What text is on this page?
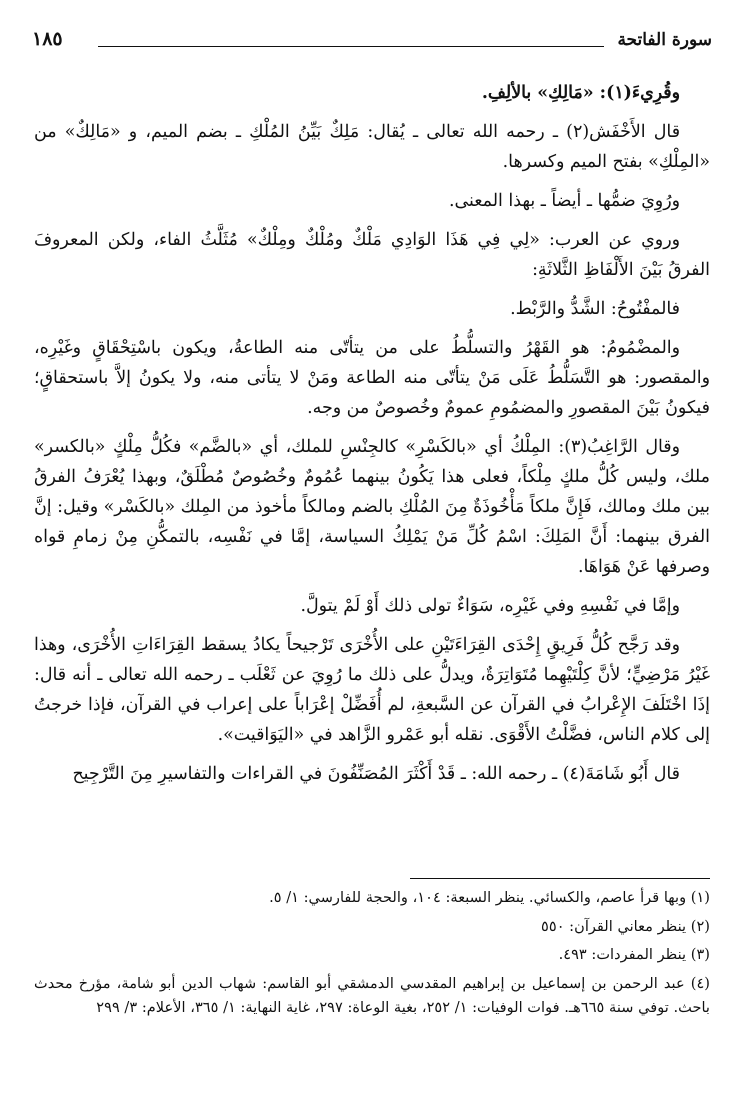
سورة الفاتحة
١٨٥

وقُرِيءَ(١): «مَالِكِ» بالألِفِ.

قال الأَخْفَش(٢) ـ رحمه الله تعالى ـ يُقال: مَلِكٌ بَيِّنُ المُلْكِ ـ بضم الميم، و «مَالِكٌ» من «المِلْكِ» بفتح الميم وكسرها.

ورُوِيَ ضمُّها ـ أيضاً ـ بهذا المعنى.

وروي عن العرب: «لِي فِي هَذَا الوَادِي مَلْكٌ ومُلْكٌ ومِلْكٌ» مُثَلَّثُ الفاء، ولكن المعروفَ الفرقُ بَيْنَ الأَلْفَاظِ الثَّلاثَةِ:

فالمفْتُوحُ: الشَّدُّ والرَّبْط.

والمضْمُومُ: هو القَهْرُ والتسلُّطُ على من يتأتّى منه الطاعةُ، ويكون باسْتِحْقَاقٍ وغَيْرِه، والمقصور: هو التَّسَلُّطُ عَلَى مَنْ يتأتّى منه الطاعة ومَنْ لا يتأتى منه، ولا يكونُ إلاَّ باستحقاقٍ؛ فيكونُ بَيْنَ المقصورِ والمضمُومِ عمومٌ وخُصوصٌ من وجه.

وقال الرَّاغِبُ(٣): المِلْكُ أي «بالكَسْرِ» كالجِنْسِ للملك، أي «بالضَّم» فكُلُّ مِلْكٍ «بالكسر» ملك، وليس كُلُّ ملكٍ مِلْكاً، فعلى هذا يَكُونُ بينهما عُمُومٌ وخُصُوصٌ مُطْلَقٌ، وبهذا يُعْرَفُ الفرقُ بين ملك ومالك، فَإِنَّ ملكاً مَأْخُوذَةٌ مِنَ المُلْكِ بالضم ومالكاً مأخوذ من المِلك «بالكَسْر» وقيل: إنَّ الفرق بينهما: أَنَّ المَلِكَ: اسْمُ كُلِّ مَنْ يَمْلِكُ السياسة، إمَّا في نَفْسِه، بالتمكُّنِ مِنْ زمامِ قواه وصرفها عَنْ هَوَاهَا.

وإمَّا في نَفْسِهِ وفي غَيْرِه، سَوَاءٌ تولى ذلك أَوْ لَمْ يتولَّ.

وقد رَجَّح كُلُّ فَرِيقٍ إِحْدَى القِرَاءَتَيْنِ على الأُخْرَى تَرْجيحاً يكادُ يسقط القِرَاءَاتِ الأُخْرَى، وهذا غَيْرُ مَرْضِيٍّ؛ لأنَّ كِلْتَيْهِما مُتَوَاتِرَةٌ، ويدلُّ على ذلك ما رُوِيَ عن ثَعْلَب ـ رحمه الله تعالى ـ أنه قال: إذَا اخْتَلَفَ الإِعْرابُ في القرآن عن السَّبعةِ، لم أُفَضِّلْ إعْرَاباً على إعراب في القرآن، فإذا خرجتُ إلى كلام الناس، فضَّلْتُ الأَقْوَى. نقله أبو عَمْرو الزَّاهد في «اليَوَاقيت».

قال أَبُو شَامَةَ(٤) ـ رحمه الله: ـ قَدْ أَكْثَرَ المُصَنِّفُونَ في القراءات والتفاسيرِ مِنَ التَّرْجِيح

(١) وبها قرأ عاصم، والكسائي. ينظر السبعة: ١٠٤، والحجة للفارسي: ١/ ٥.

(٢) ينظر معاني القرآن: ٥٥٠

(٣) ينظر المفردات: ٤٩٣.

(٤) عبد الرحمن بن إسماعيل بن إبراهيم المقدسي الدمشقي أبو القاسم: شهاب الدين أبو شامة، مؤرخ محدث باحث. توفي سنة ٦٦٥هـ. فوات الوفيات: ١/ ٢٥٢، بغية الوعاة: ٢٩٧، غاية النهاية: ١/ ٣٦٥، الأعلام: ٣/ ٢٩٩
